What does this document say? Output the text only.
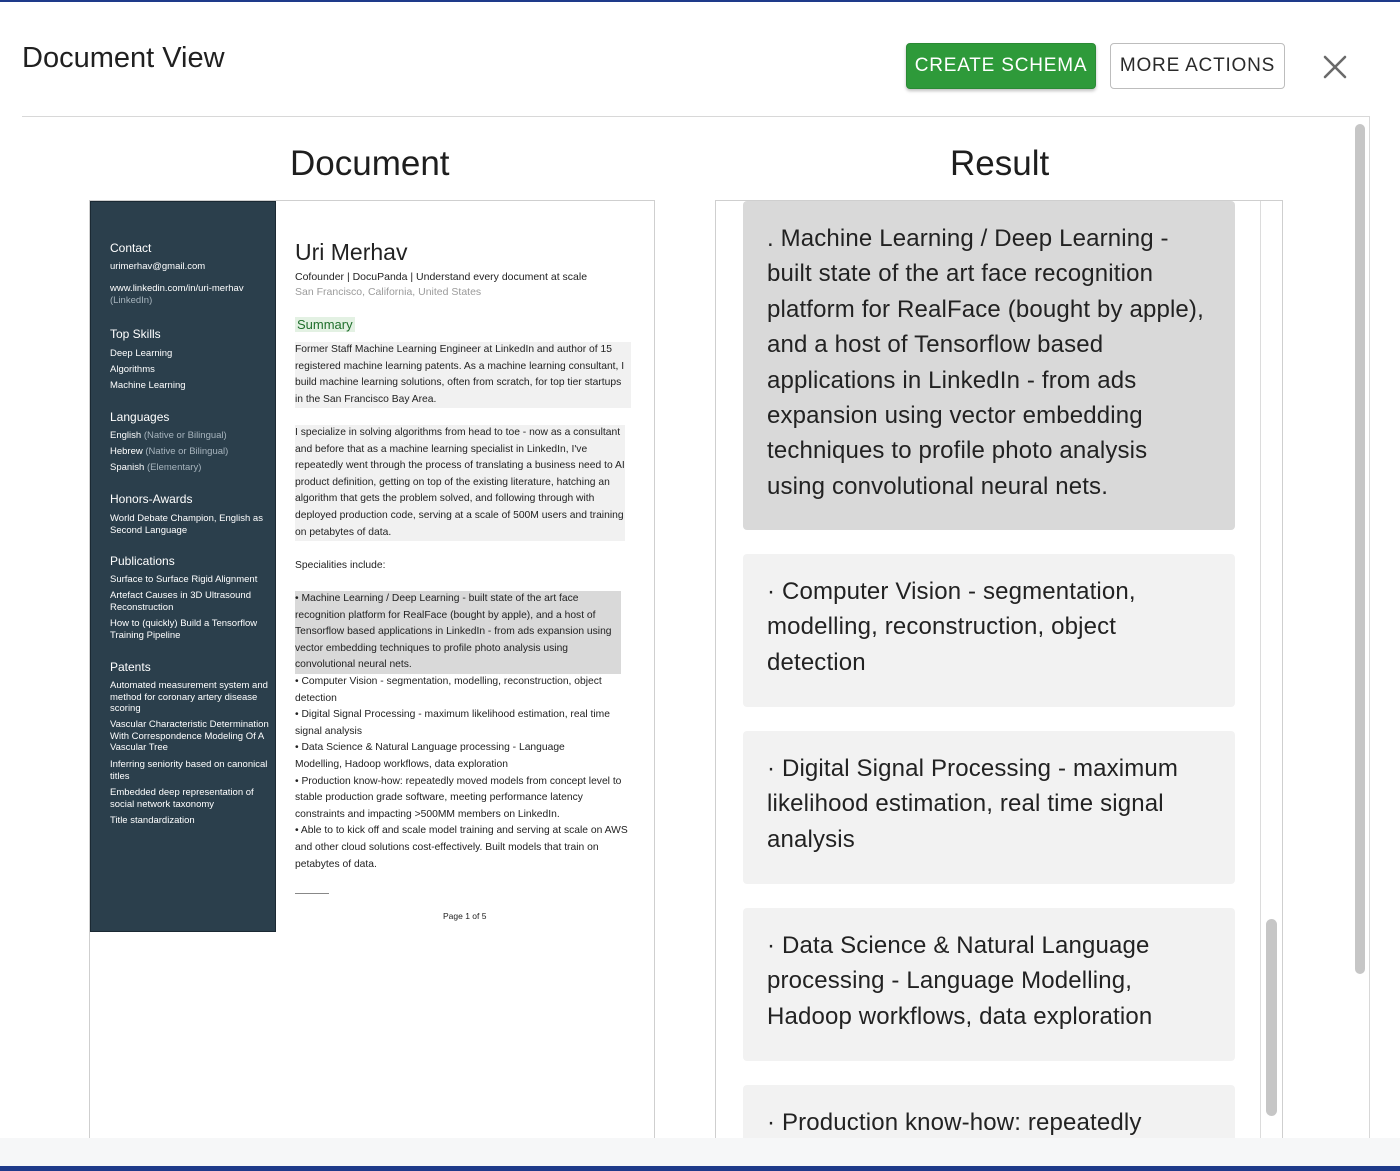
Document View	CREATE SCHEMA	MORE ACTIONS
Document	Result
Contact
urimerhav@gmail.com
www.linkedin.com/in/uri-merhav
(LinkedIn)
Top Skills
Deep Learning
Algorithms
Machine Learning
Languages
English (Native or Bilingual)
Hebrew (Native or Bilingual)
Spanish (Elementary)
Honors-Awards
World Debate Champion, English as Second Language
Publications
Surface to Surface Rigid Alignment
Artefact Causes in 3D Ultrasound Reconstruction
How to (quickly) Build a Tensorflow Training Pipeline
Patents
Automated measurement system and method for coronary artery disease scoring
Vascular Characteristic Determination With Correspondence Modeling Of A Vascular Tree
Inferring seniority based on canonical titles
Embedded deep representation of social network taxonomy
Title standardization
Uri Merhav
Cofounder | DocuPanda | Understand every document at scale
San Francisco, California, United States
Summary
Former Staff Machine Learning Engineer at LinkedIn and author of 15 registered machine learning patents. As a machine learning consultant, I build machine learning solutions, often from scratch, for top tier startups in the San Francisco Bay Area.
I specialize in solving algorithms from head to toe - now as a consultant and before that as a machine learning specialist in LinkedIn, I've repeatedly went through the process of translating a business need to AI product definition, getting on top of the existing literature, hatching an algorithm that gets the problem solved, and following through with deployed production code, serving at a scale of 500M users and training on petabytes of data.
Specialities include:
• Machine Learning / Deep Learning - built state of the art face recognition platform for RealFace (bought by apple), and a host of Tensorflow based applications in LinkedIn - from ads expansion using vector embedding techniques to profile photo analysis using convolutional neural nets.
• Computer Vision - segmentation, modelling, reconstruction, object detection
• Digital Signal Processing - maximum likelihood estimation, real time signal analysis
• Data Science & Natural Language processing - Language Modelling, Hadoop workflows, data exploration
• Production know-how: repeatedly moved models from concept level to stable production grade software, meeting performance latency constraints and impacting >500MM members on LinkedIn.
• Able to to kick off and scale model training and serving at scale on AWS and other cloud solutions cost-effectively. Built models that train on petabytes of data.
Page 1 of 5
. Machine Learning / Deep Learning - built state of the art face recognition platform for RealFace (bought by apple), and a host of Tensorflow based applications in LinkedIn - from ads expansion using vector embedding techniques to profile photo analysis using convolutional neural nets.
· Computer Vision - segmentation, modelling, reconstruction, object detection
· Digital Signal Processing - maximum likelihood estimation, real time signal analysis
· Data Science & Natural Language processing - Language Modelling, Hadoop workflows, data exploration
· Production know-how: repeatedly
